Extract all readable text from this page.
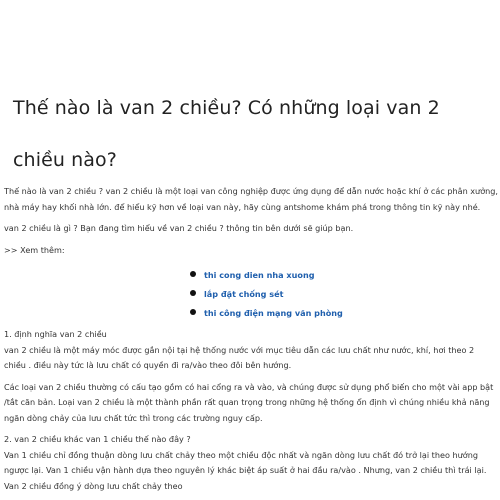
Thế nào là van 2 chiều? Có những loại van 2 chiều nào?

Thế nào là van 2 chiều ? van 2 chiều là một loại van công nghiệp được ứng dụng để dẫn nước hoặc khí ở các phân xưởng, nhà máy hay khối nhà lớn. để hiểu kỹ hơn về loại van này, hãy cùng antshome khám phá trong thông tin kỹ này nhé.

van 2 chiều là gì ? Bạn đang tìm hiểu về van 2 chiều ? thông tin bên dưới sẽ giúp bạn.

>> Xem thêm:

thi cong dien nha xuong
lắp đặt chống sét
thi công điện mạng văn phòng

1. định nghĩa van 2 chiều

van 2 chiều là một máy móc được gắn nội tại hệ thống nước với mục tiêu dẫn các lưu chất như nước, khí, hơi theo 2 chiều . điều này tức là lưu chất có quyền đi ra/vào theo đôi bên hướng.

Các loại van 2 chiều thường có cấu tạo gồm có hai cổng ra và vào, và chúng được sử dụng phổ biến cho một vài app bật /tắt căn bản. Loại van 2 chiều là một thành phần rất quan trọng trong những hệ thống ổn định vì chúng nhiều khả năng ngăn dòng chảy của lưu chất tức thì trong các trường nguy cấp.

2. van 2 chiều khác van 1 chiều thế nào đây ?

Van 1 chiều chỉ đồng thuận dòng lưu chất chảy theo một chiều độc nhất và ngăn dòng lưu chất đó trở lại theo hướng ngược lại. Van 1 chiều vận hành dựa theo nguyên lý khác biệt áp suất ở hai đầu ra/vào . Nhưng, van 2 chiều thì trái lại. Van 2 chiều đồng ý dòng lưu chất chảy theo
